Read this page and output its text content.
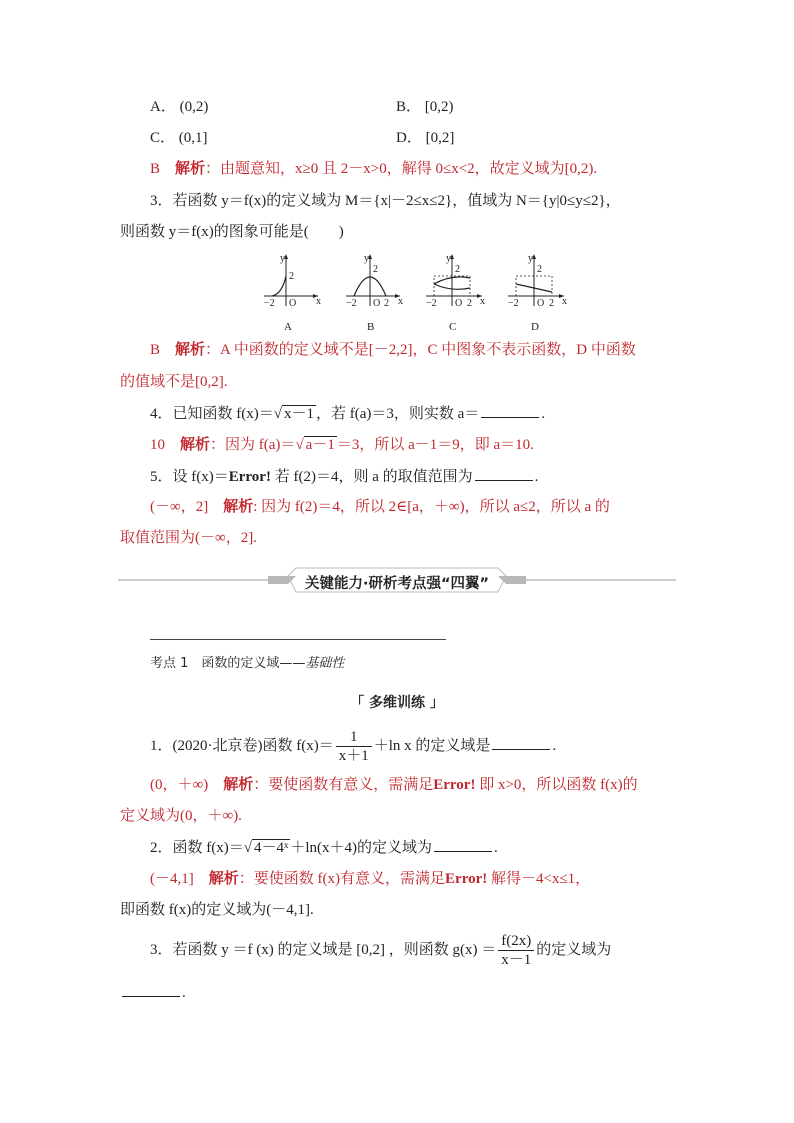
A． (0,2)	B． [0,2)
C． (0,1]	D． [0,2]
B　 解析：由题意知，x≥0 且 2－x>0，解得 0≤x<2，故定义域为[0,2).
3．若函数 y＝f(x)的定义域为 M＝{x|－2≤x≤2}，值域为 N＝{y|0≤y≤2}，
则函数 y＝f(x)的图象可能是(　　)
y
2
−2 O x
A
y
2
−2 O 2 x
B
y
2
−2 O 2 x
C
y
2
−2 O 2 x
D
B　 解析：A 中函数的定义域不是[－2,2]，C 中图象不表示函数，D 中函数
的值域不是[0,2].
4．已知函数 f(x)＝√ x－1 ，若 f(a)＝3，则实数 a＝	.
10　 解析：因为 f(a)＝√ a－1 ＝3，所以 a－1＝9，即 a＝10.
5．设 f(x)＝Error! 若 f(2)＝4，则 a 的取值范围为	.
(－∞，2]　 解析: 因为 f(2)＝4，所以 2∈[a，＋∞)，所以 a≤2，所以 a 的
取值范围为(－∞，2].
关键能力·研析考点强“四翼”
考点 1　函数的定义域——基础性
「 多维训练 」
1．(2020·北京卷)函数 $f(x)= \frac{1}{x+1} +\ln$ x 的定义域是	.
(0，＋∞)　 解析：要使函数有意义，需满足Error! 即 x>0，所以函数 f(x)的
定义域为(0，＋∞).
2．函数 f(x)＝√ 4－4ˣ ＋ln(x＋4)的定义域为	.
(－4,1]　 解析：要使函数 f(x)有意义，需满足Error! 解得－4<x≤1，
即函数 f(x)的定义域为(－4,1].
3．若函数 y ＝f (x) 的定义域是 [0,2] ，则函数 $g(x) = \frac{f(2x)}{x-1}$ 的定义域为
.
